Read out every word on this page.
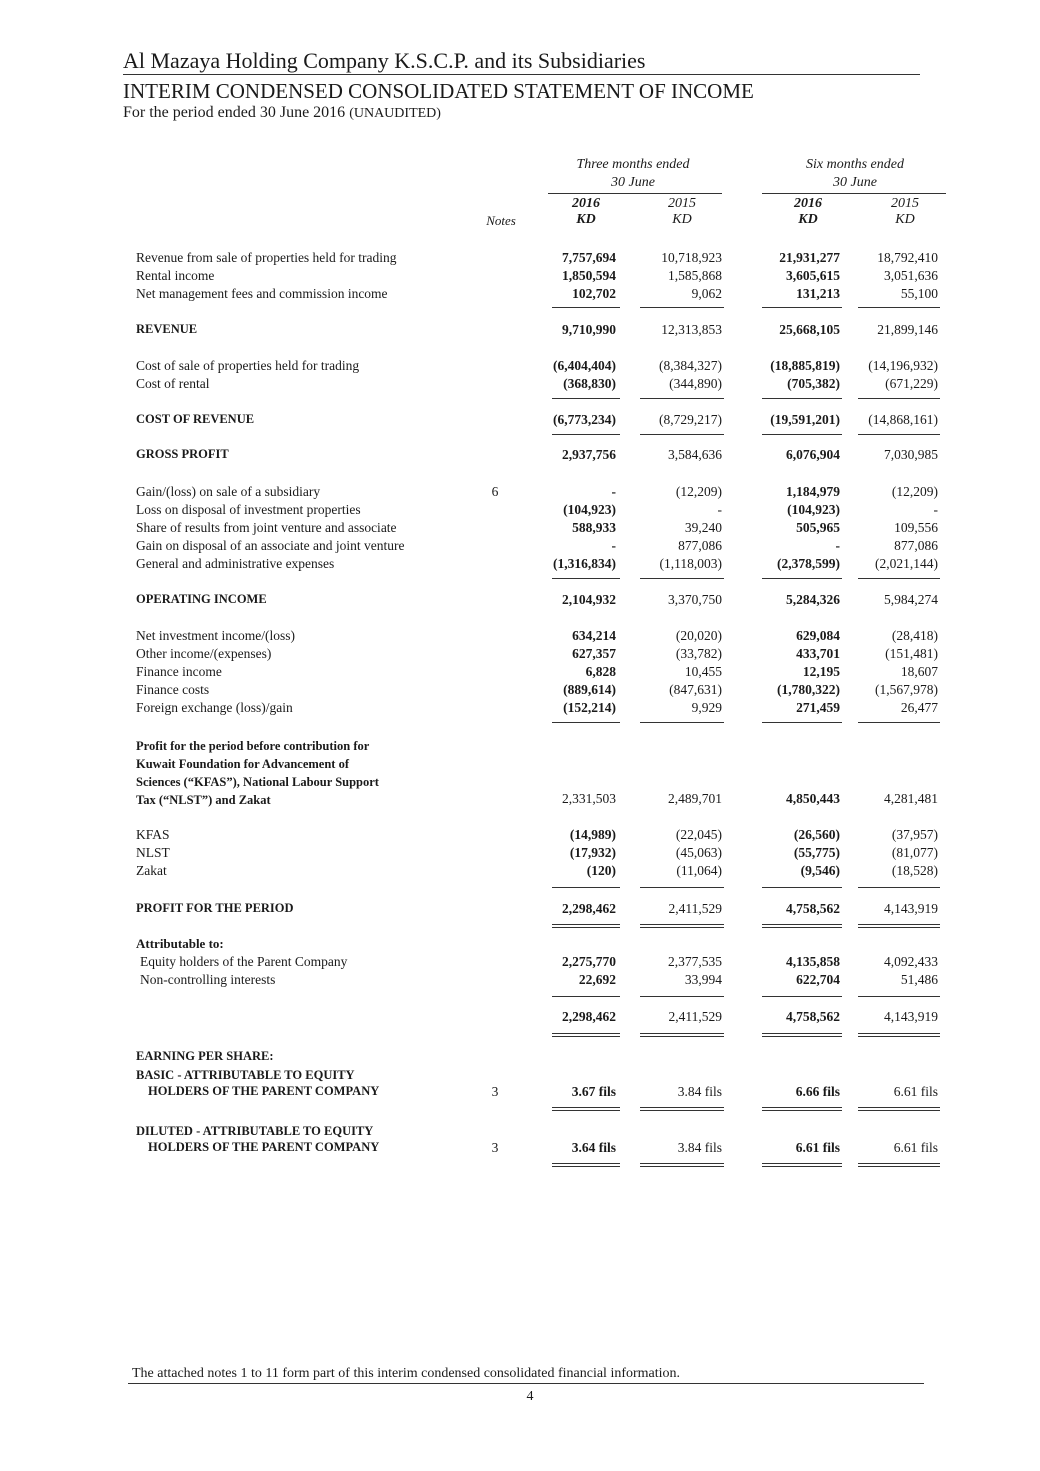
Al Mazaya Holding Company K.S.C.P. and its Subsidiaries
INTERIM CONDENSED CONSOLIDATED STATEMENT OF INCOME
For the period ended 30 June 2016 (UNAUDITED)
Three months ended
30 June
Six months ended
30 June
2016	2015	2016	2015
Notes	KD	KD	KD	KD
Revenue from sale of properties held for trading	7,757,694	10,718,923	21,931,277	18,792,410
Rental income	1,850,594	1,585,868	3,605,615	3,051,636
Net management fees and commission income	102,702	9,062	131,213	55,100
REVENUE	9,710,990	12,313,853	25,668,105	21,899,146
Cost of sale of properties held for trading	(6,404,404)	(8,384,327)	(18,885,819)	(14,196,932)
Cost of rental	(368,830)	(344,890)	(705,382)	(671,229)
COST OF REVENUE	(6,773,234)	(8,729,217)	(19,591,201)	(14,868,161)
GROSS PROFIT	2,937,756	3,584,636	6,076,904	7,030,985
Gain/(loss) on sale of a subsidiary	6	-	(12,209)	1,184,979	(12,209)
Loss on disposal of investment properties	(104,923)	-	(104,923)	-
Share of results from joint venture and associate	588,933	39,240	505,965	109,556
Gain on disposal of an associate and joint venture	-	877,086	-	877,086
General and administrative expenses	(1,316,834)	(1,118,003)	(2,378,599)	(2,021,144)
OPERATING INCOME	2,104,932	3,370,750	5,284,326	5,984,274
Net investment income/(loss)	634,214	(20,020)	629,084	(28,418)
Other income/(expenses)	627,357	(33,782)	433,701	(151,481)
Finance income	6,828	10,455	12,195	18,607
Finance costs	(889,614)	(847,631)	(1,780,322)	(1,567,978)
Foreign exchange (loss)/gain	(152,214)	9,929	271,459	26,477
Profit for the period before contribution for
Kuwait Foundation for Advancement of
Sciences (“KFAS”), National Labour Support
Tax (“NLST”) and Zakat	2,331,503	2,489,701	4,850,443	4,281,481
KFAS	(14,989)	(22,045)	(26,560)	(37,957)
NLST	(17,932)	(45,063)	(55,775)	(81,077)
Zakat	(120)	(11,064)	(9,546)	(18,528)
PROFIT FOR THE PERIOD	2,298,462	2,411,529	4,758,562	4,143,919
Attributable to:
Equity holders of the Parent Company	2,275,770	2,377,535	4,135,858	4,092,433
Non-controlling interests	22,692	33,994	622,704	51,486
2,298,462	2,411,529	4,758,562	4,143,919
EARNING PER SHARE:
BASIC - ATTRIBUTABLE TO EQUITY
HOLDERS OF THE PARENT COMPANY	3	3.67 fils	3.84 fils	6.66 fils	6.61 fils
DILUTED - ATTRIBUTABLE TO EQUITY
HOLDERS OF THE PARENT COMPANY	3	3.64 fils	3.84 fils	6.61 fils	6.61 fils
The attached notes 1 to 11 form part of this interim condensed consolidated financial information.
4
